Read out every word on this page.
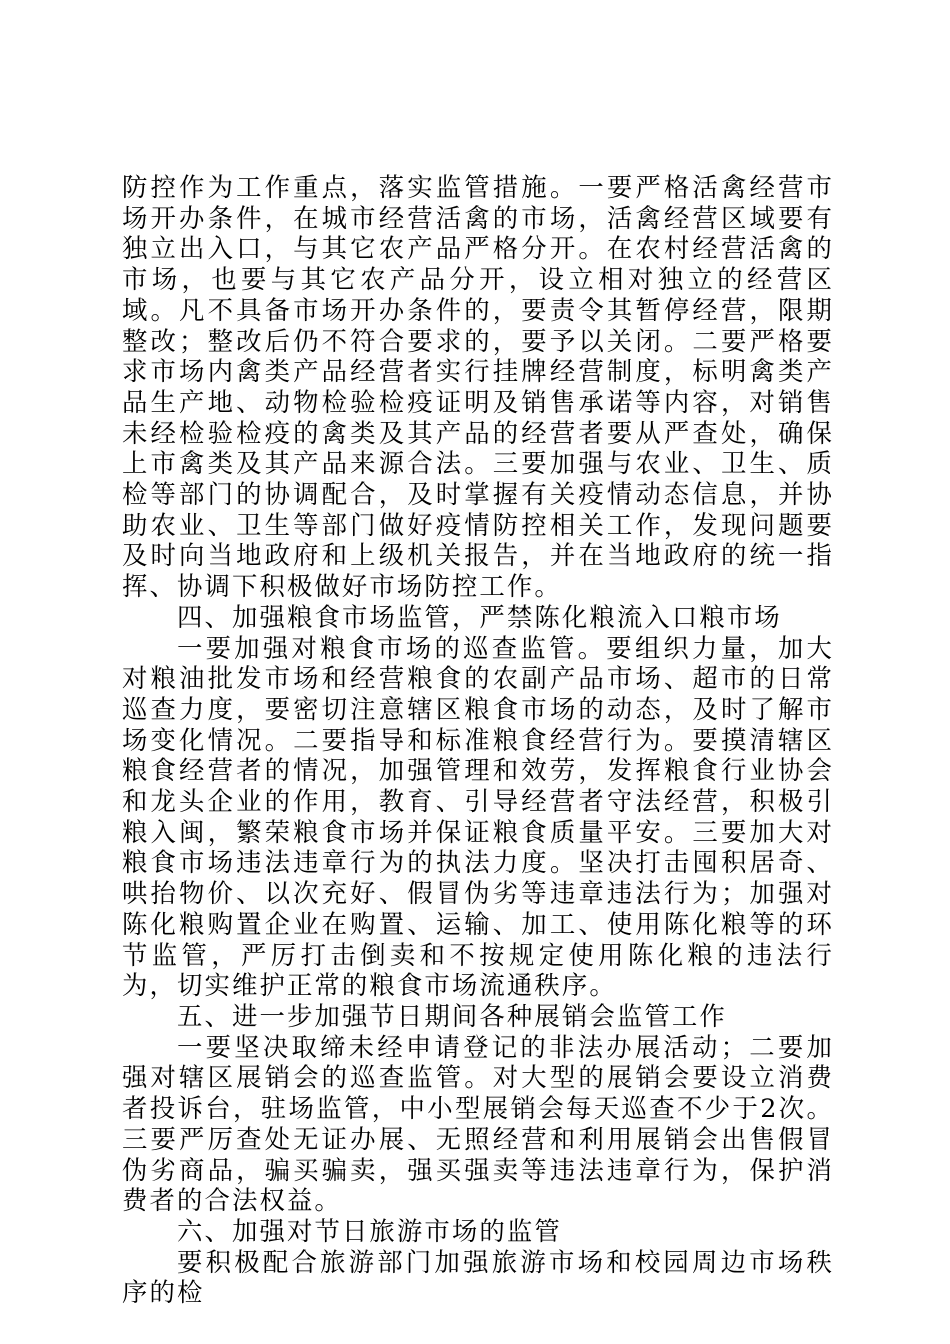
防控作为工作重点，落实监管措施。一要严格活禽经营市场开办条件，在城市经营活禽的市场，活禽经营区域要有独立出入口，与其它农产品严格分开。在农村经营活禽的市场，也要与其它农产品分开，设立相对独立的经营区域。凡不具备市场开办条件的，要责令其暂停经营，限期整改；整改后仍不符合要求的，要予以关闭。二要严格要求市场内禽类产品经营者实行挂牌经营制度，标明禽类产品生产地、动物检验检疫证明及销售承诺等内容，对销售未经检验检疫的禽类及其产品的经营者要从严查处，确保上市禽类及其产品来源合法。三要加强与农业、卫生、质检等部门的协调配合，及时掌握有关疫情动态信息，并协助农业、卫生等部门做好疫情防控相关工作，发现问题要及时向当地政府和上级机关报告，并在当地政府的统一指挥、协调下积极做好市场防控工作。

四、加强粮食市场监管，严禁陈化粮流入口粮市场

一要加强对粮食市场的巡查监管。要组织力量，加大对粮油批发市场和经营粮食的农副产品市场、超市的日常巡查力度，要密切注意辖区粮食市场的动态，及时了解市场变化情况。二要指导和标准粮食经营行为。要摸清辖区粮食经营者的情况，加强管理和效劳，发挥粮食行业协会和龙头企业的作用，教育、引导经营者守法经营，积极引粮入闽，繁荣粮食市场并保证粮食质量平安。三要加大对粮食市场违法违章行为的执法力度。坚决打击囤积居奇、哄抬物价、以次充好、假冒伪劣等违章违法行为；加强对陈化粮购置企业在购置、运输、加工、使用陈化粮等的环节监管，严厉打击倒卖和不按规定使用陈化粮的违法行为，切实维护正常的粮食市场流通秩序。

五、进一步加强节日期间各种展销会监管工作

一要坚决取缔未经申请登记的非法办展活动；二要加强对辖区展销会的巡查监管。对大型的展销会要设立消费者投诉台，驻场监管，中小型展销会每天巡查不少于2次。三要严厉查处无证办展、无照经营和利用展销会出售假冒伪劣商品，骗买骗卖，强买强卖等违法违章行为，保护消费者的合法权益。

六、加强对节日旅游市场的监管

要积极配合旅游部门加强旅游市场和校园周边市场秩序的检
